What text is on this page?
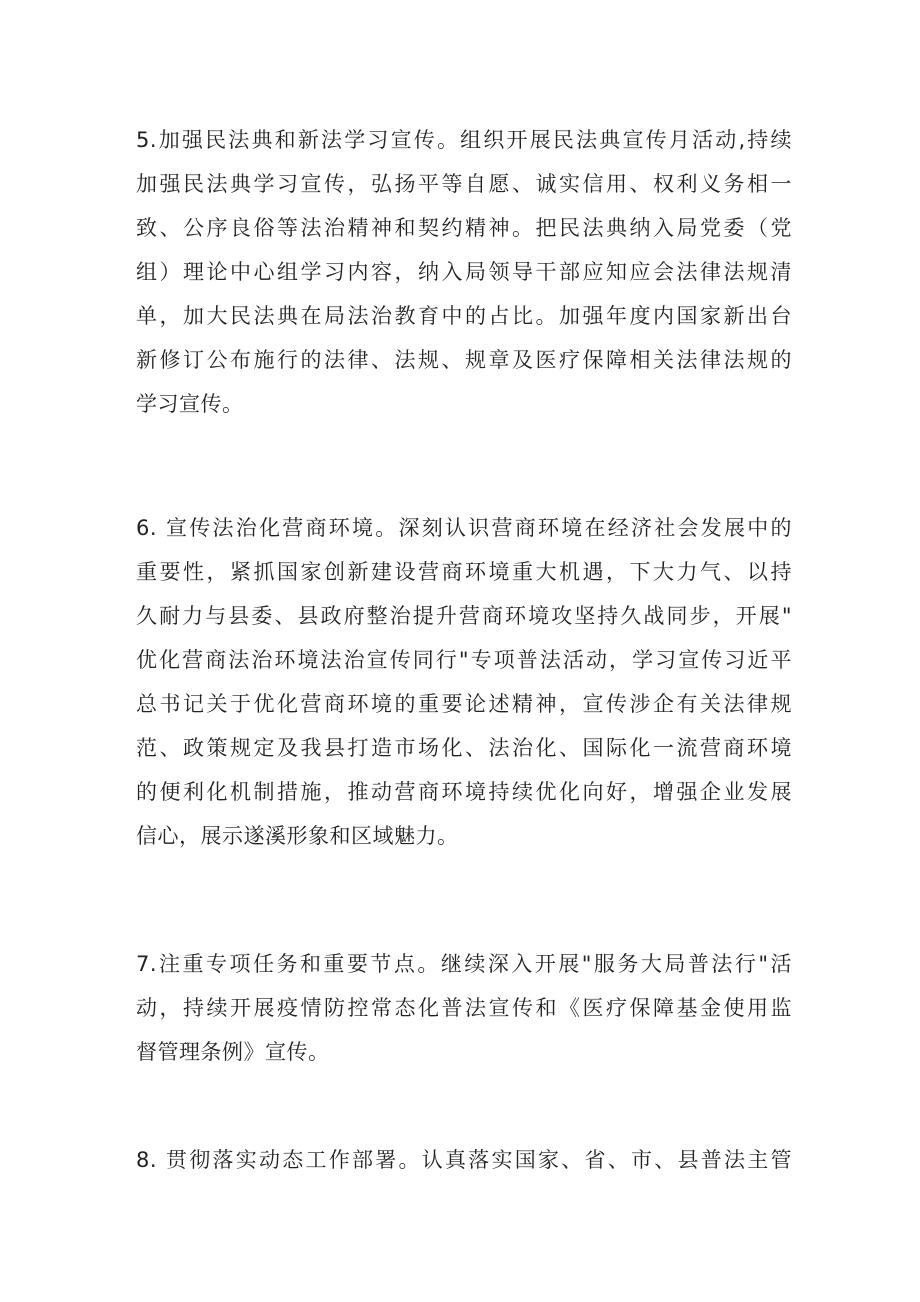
5.加强民法典和新法学习宣传。组织开展民法典宣传月活动,持续
加强民法典学习宣传，弘扬平等自愿、诚实信用、权利义务相一
致、公序良俗等法治精神和契约精神。把民法典纳入局党委（党
组）理论中心组学习内容，纳入局领导干部应知应会法律法规清
单，加大民法典在局法治教育中的占比。加强年度内国家新出台
新修订公布施行的法律、法规、规章及医疗保障相关法律法规的
学习宣传。
6. 宣传法治化营商环境。深刻认识营商环境在经济社会发展中的
重要性，紧抓国家创新建设营商环境重大机遇，下大力气、以持
久耐力与县委、县政府整治提升营商环境攻坚持久战同步，开展"
优化营商法治环境法治宣传同行"专项普法活动，学习宣传习近平
总书记关于优化营商环境的重要论述精神，宣传涉企有关法律规
范、政策规定及我县打造市场化、法治化、国际化一流营商环境
的便利化机制措施，推动营商环境持续优化向好，增强企业发展
信心，展示遂溪形象和区域魅力。
7.注重专项任务和重要节点。继续深入开展"服务大局普法行"活
动，持续开展疫情防控常态化普法宣传和《医疗保障基金使用监
督管理条例》宣传。
8. 贯彻落实动态工作部署。认真落实国家、省、市、县普法主管
